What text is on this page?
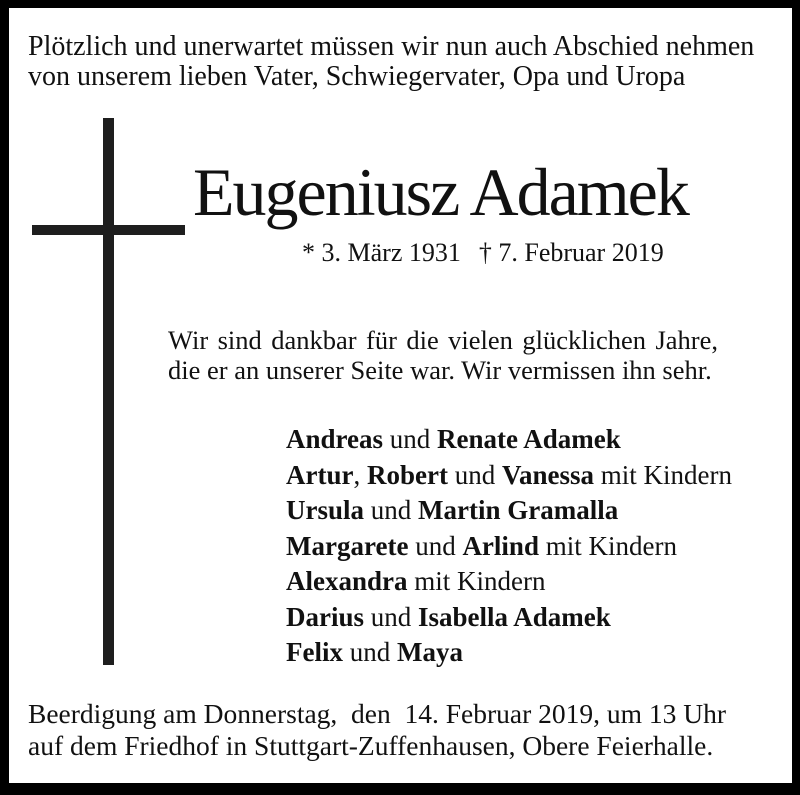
Plötzlich und unerwartet müssen wir nun auch Abschied nehmen
von unserem lieben Vater, Schwiegervater, Opa und Uropa
Eugeniusz Adamek
* 3. März 1931 † 7. Februar 2019
Wir sind dankbar für die vielen glücklichen Jahre,
die er an unserer Seite war. Wir vermissen ihn sehr.
Andreas und Renate Adamek
Artur, Robert und Vanessa mit Kindern
Ursula und Martin Gramalla
Margarete und Arlind mit Kindern
Alexandra mit Kindern
Darius und Isabella Adamek
Felix und Maya
Beerdigung am Donnerstag,  den  14. Februar 2019, um 13 Uhr
auf dem Friedhof in Stuttgart-Zuffenhausen, Obere Feierhalle.
